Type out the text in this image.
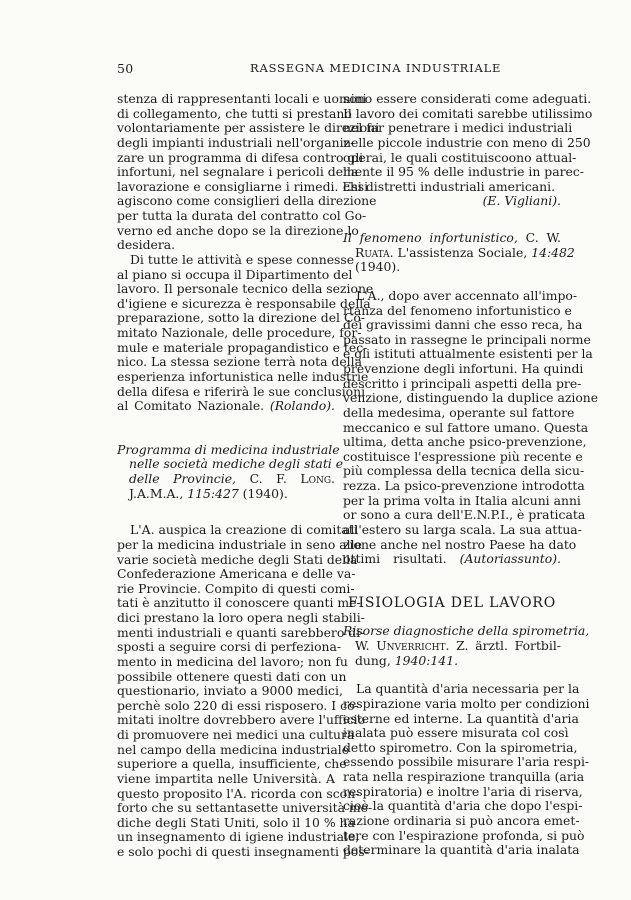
50	RASSEGNA MEDICINA INDUSTRIALE
stenza di rappresentanti locali e uomini
di collegamento, che tutti si prestano
volontariamente per assistere le direzioni
degli impianti industriali nell'organiz-
zare un programma di difesa contro gli
infortuni, nel segnalare i pericoli della
lavorazione e consigliarne i rimedi. Essi
agiscono come consiglieri della direzione
per tutta la durata del contratto col Go-
verno ed anche dopo se la direzione lo
desidera.
Di tutte le attività e spese connesse
al piano si occupa il Dipartimento del
lavoro. Il personale tecnico della sezione
d'igiene e sicurezza è responsabile della
preparazione, sotto la direzione del Co-
mitato Nazionale, delle procedure, for-
mule e materiale propagandistico e tec-
nico. La stessa sezione terrà nota della
esperienza infortunistica nelle industrie
della difesa e riferirà le sue conclusioni
al Comitato Nazionale. (Rolando).
Programma di medicina industriale
nelle società mediche degli stati e
delle Provincie, C. F. Long.
J.A.M.A., 115:427 (1940).
L'A. auspica la creazione di comitati
per la medicina industriale in seno alle
varie società mediche degli Stati della
Confederazione Americana e delle va-
rie Provincie. Compito di questi comi-
tati è anzitutto il conoscere quanti me-
dici prestano la loro opera negli stabili-
menti industriali e quanti sarebbero di-
sposti a seguire corsi di perfeziona-
mento in medicina del lavoro; non fu
possibile ottenere questi dati con un
questionario, inviato a 9000 medici,
perchè solo 220 di essi risposero. I co-
mitati inoltre dovrebbero avere l'ufficio
di promuovere nei medici una cultura
nel campo della medicina industriale
superiore a quella, insufficiente, che
viene impartita nelle Università. A
questo proposito l'A. ricorda con scon-
forto che su settantasette università me-
diche degli Stati Uniti, solo il 10 % ha
un insegnamento di igiene industriale,
e solo pochi di questi insegnamenti pos-
sono essere considerati come adeguati.
Il lavoro dei comitati sarebbe utilissimo
nel far penetrare i medici industriali
nelle piccole industrie con meno di 250
operai, le quali costituiscoono attual-
mente il 95 % delle industrie in parec-
chi distretti industriali americani.
(E. Vigliani).
Il fenomeno infortunistico, C. W.
Ruata. L'assistenza Sociale, 14:482
(1940).
L'A., dopo aver accennato all'impo-
rtanza del fenomeno infortunistico e
dei gravissimi danni che esso reca, ha
passato in rassegne le principali norme
e gli istituti attualmente esistenti per la
prevenzione degli infortuni. Ha quindi
descritto i principali aspetti della pre-
venzione, distinguendo la duplice azione
della medesima, operante sul fattore
meccanico e sul fattore umano. Questa
ultima, detta anche psico-prevenzione,
costituisce l'espressione più recente e
più complessa della tecnica della sicu-
rezza. La psico-prevenzione introdotta
per la prima volta in Italia alcuni anni
or sono a cura dell'E.N.P.I., è praticata
all'estero su larga scala. La sua attua-
zione anche nel nostro Paese ha dato
ottimi risultati. (Autoriassunto).
FISIOLOGIA DEL LAVORO
Risorse diagnostiche della spirometria,
W. Unverricht. Z. ärztl. Fortbil-
dung, 1940:141.
La quantità d'aria necessaria per la
respirazione varia molto per condizioni
esterne ed interne. La quantità d'aria
inalata può essere misurata col così
detto spirometro. Con la spirometria,
essendo possibile misurare l'aria respi-
rata nella respirazione tranquilla (aria
respiratoria) e inoltre l'aria di riserva,
cioè la quantità d'aria che dopo l'espi-
razione ordinaria si può ancora emet-
tere con l'espirazione profonda, si può
determinare la quantità d'aria inalata
